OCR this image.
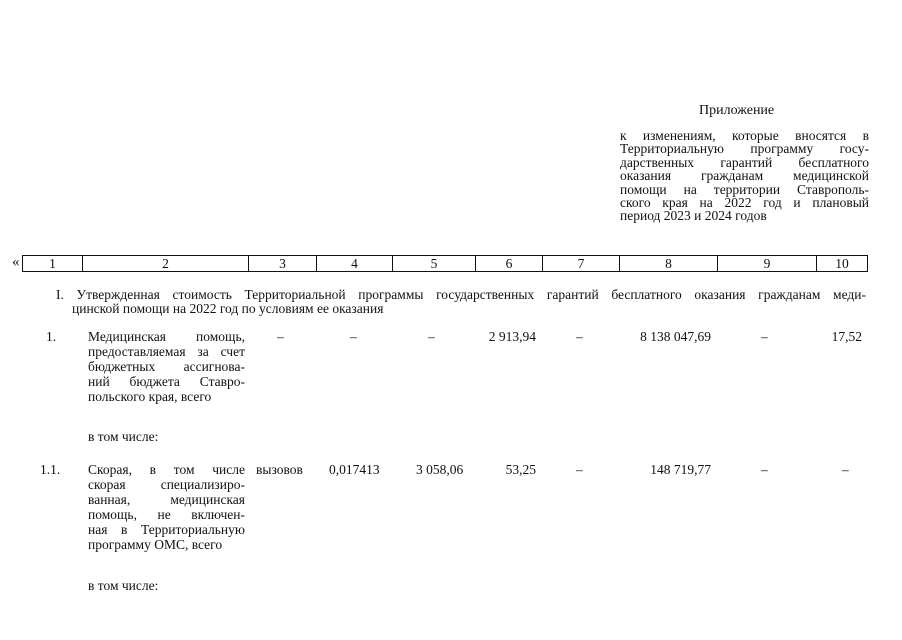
Приложение
к изменениям, которые вносятся в
Территориальную программу госу-
дарственных гарантий бесплатного
оказания гражданам медицинской
помощи на территории Ставрополь-
ского края на 2022 год и плановый
период 2023 и 2024 годов
«	1	2	3	4	5	6	7	8	9	10
I. Утвержденная стоимость Территориальной программы государственных гарантий бесплатного оказания гражданам меди-
цинской помощи на 2022 год по условиям ее оказания
1. Медицинская помощь,
предоставляемая за счет
бюджетных ассигнова-
ний бюджета Ставро-
польского края, всего
–	–	–	2 913,94	–	8 138 047,69	–	17,52
в том числе:
1.1. Скорая, в том числе
скорая специализиро-
ванная, медицинская
помощь, не включен-
ная в Территориальную
программу ОМС, всего
вызовов 0,017413	3 058,06	53,25	–	148 719,77	–	–
в том числе:
